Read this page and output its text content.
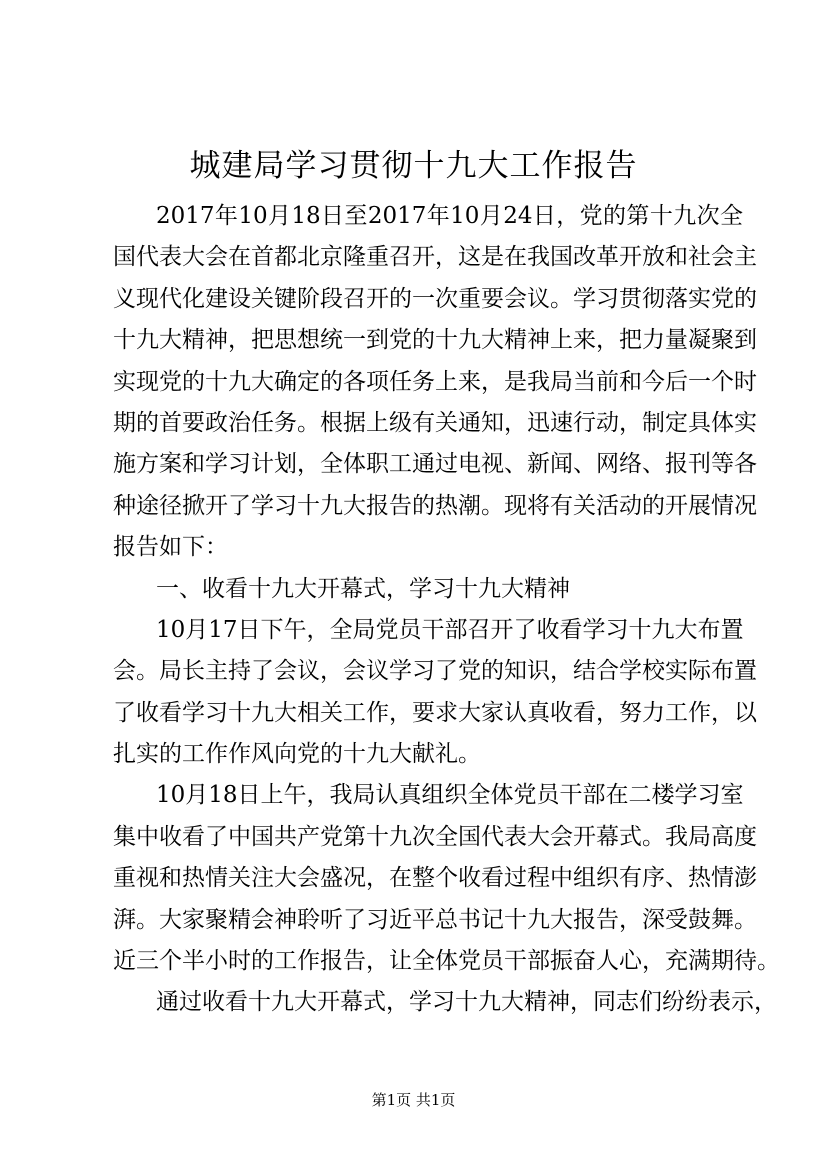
城建局学习贯彻十九大工作报告
2017年10月18日至2017年10月24日，党的第十九次全
国代表大会在首都北京隆重召开，这是在我国改革开放和社会主
义现代化建设关键阶段召开的一次重要会议。学习贯彻落实党的
十九大精神，把思想统一到党的十九大精神上来，把力量凝聚到
实现党的十九大确定的各项任务上来，是我局当前和今后一个时
期的首要政治任务。根据上级有关通知，迅速行动，制定具体实
施方案和学习计划，全体职工通过电视、新闻、网络、报刊等各
种途径掀开了学习十九大报告的热潮。现将有关活动的开展情况
报告如下：
一、收看十九大开幕式，学习十九大精神
10月17日下午，全局党员干部召开了收看学习十九大布置
会。局长主持了会议，会议学习了党的知识，结合学校实际布置
了收看学习十九大相关工作，要求大家认真收看，努力工作，以
扎实的工作作风向党的十九大献礼。
10月18日上午，我局认真组织全体党员干部在二楼学习室
集中收看了中国共产党第十九次全国代表大会开幕式。我局高度
重视和热情关注大会盛况，在整个收看过程中组织有序、热情澎
湃。大家聚精会神聆听了习近平总书记十九大报告，深受鼓舞。
近三个半小时的工作报告，让全体党员干部振奋人心，充满期待。
通过收看十九大开幕式，学习十九大精神，同志们纷纷表示，
第1页 共1页
